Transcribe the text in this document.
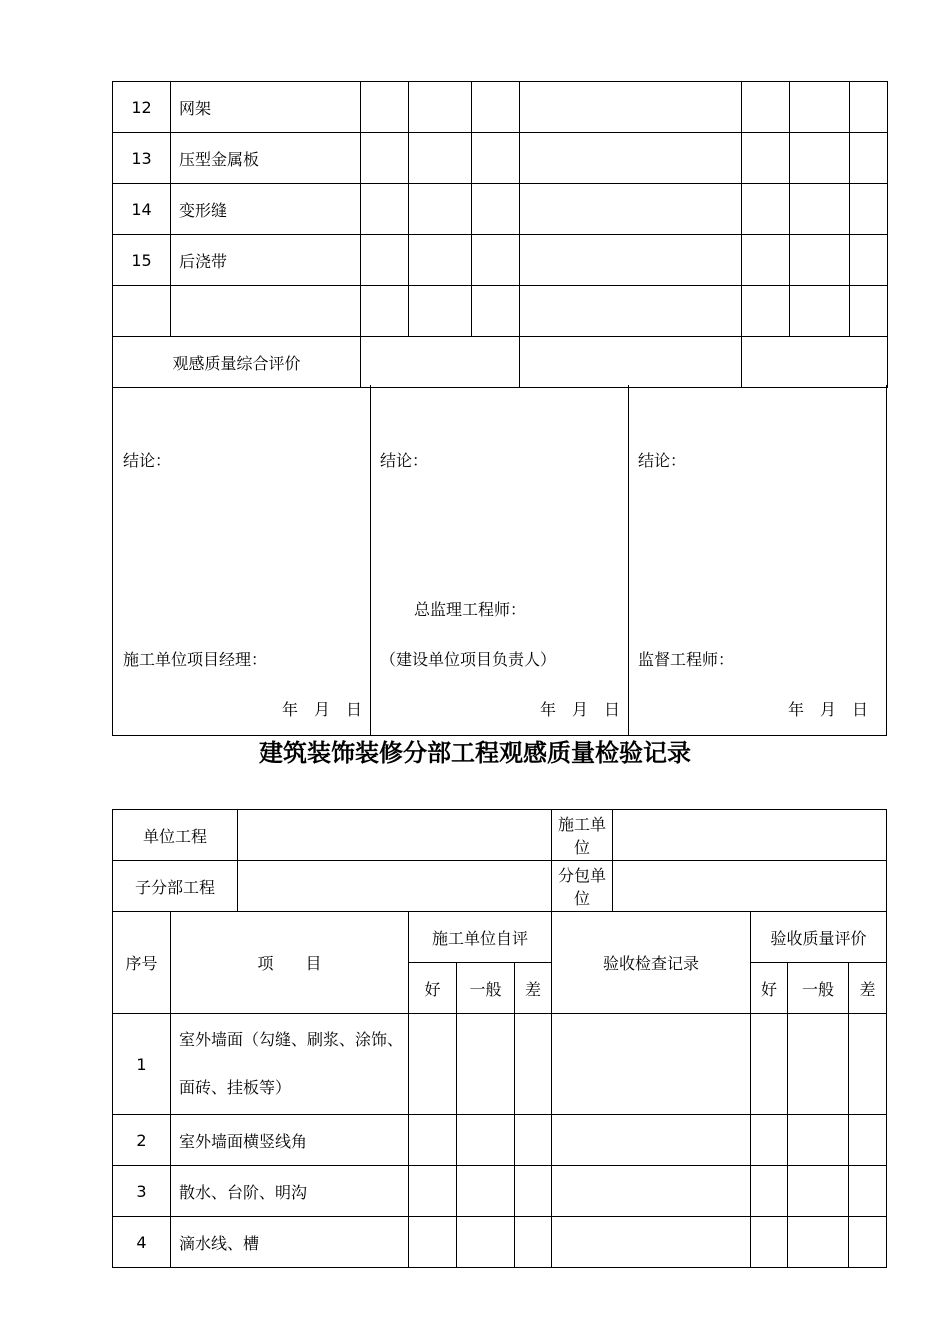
12	网架							
13	压型金属板							
14	变形缝							
15	后浇带							

观感质量综合评价								
结论：
施工单位项目经理：
年　月　日
结论：
总监理工程师：
（建设单位项目负责人）
年　月　日
结论：
监督工程师：
年　月　日
建筑装饰装修分部工程观感质量检验记录
单位工程						施工单位				
子分部工程						分包单位				
序号	项　　目		施工单位自评			验收检查记录		验收质量评价		
			好	一般	差			好	一般	差
1	室外墙面（勾缝、刷浆、涂饰、
面砖、挂板等）									

2	室外墙面横竖线角									
3	散水、台阶、明沟									
4	滴水线、槽									
